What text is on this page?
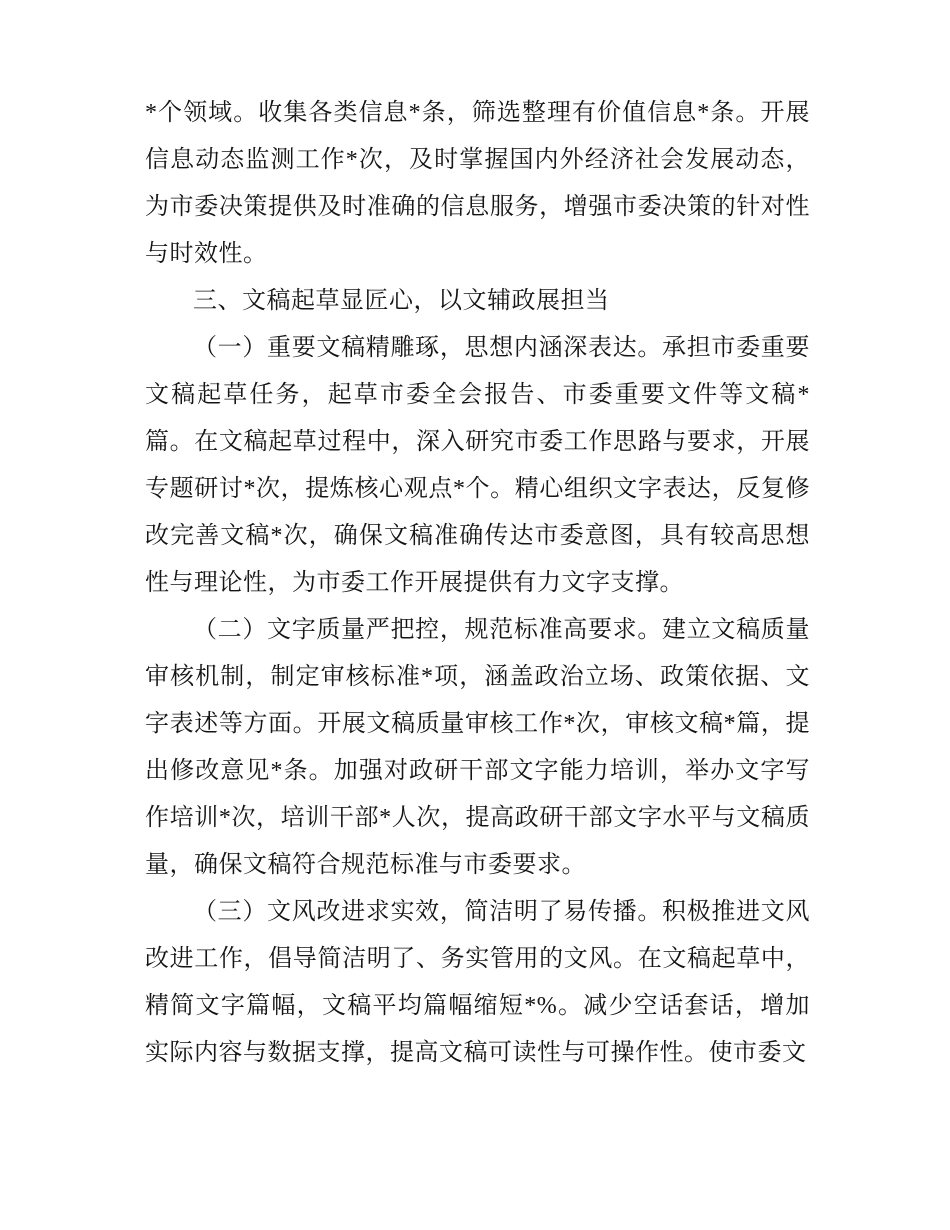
*个领域。收集各类信息*条，筛选整理有价值信息*条。开展信息动态监测工作*次，及时掌握国内外经济社会发展动态，为市委决策提供及时准确的信息服务，增强市委决策的针对性与时效性。

三、文稿起草显匠心，以文辅政展担当

（一）重要文稿精雕琢，思想内涵深表达。承担市委重要文稿起草任务，起草市委全会报告、市委重要文件等文稿*篇。在文稿起草过程中，深入研究市委工作思路与要求，开展专题研讨*次，提炼核心观点*个。精心组织文字表达，反复修改完善文稿*次，确保文稿准确传达市委意图，具有较高思想性与理论性，为市委工作开展提供有力文字支撑。

（二）文字质量严把控，规范标准高要求。建立文稿质量审核机制，制定审核标准*项，涵盖政治立场、政策依据、文字表述等方面。开展文稿质量审核工作*次，审核文稿*篇，提出修改意见*条。加强对政研干部文字能力培训，举办文字写作培训*次，培训干部*人次，提高政研干部文字水平与文稿质量，确保文稿符合规范标准与市委要求。

（三）文风改进求实效，简洁明了易传播。积极推进文风改进工作，倡导简洁明了、务实管用的文风。在文稿起草中，精简文字篇幅，文稿平均篇幅缩短*%。减少空话套话，增加实际内容与数据支撑，提高文稿可读性与可操作性。使市委文
